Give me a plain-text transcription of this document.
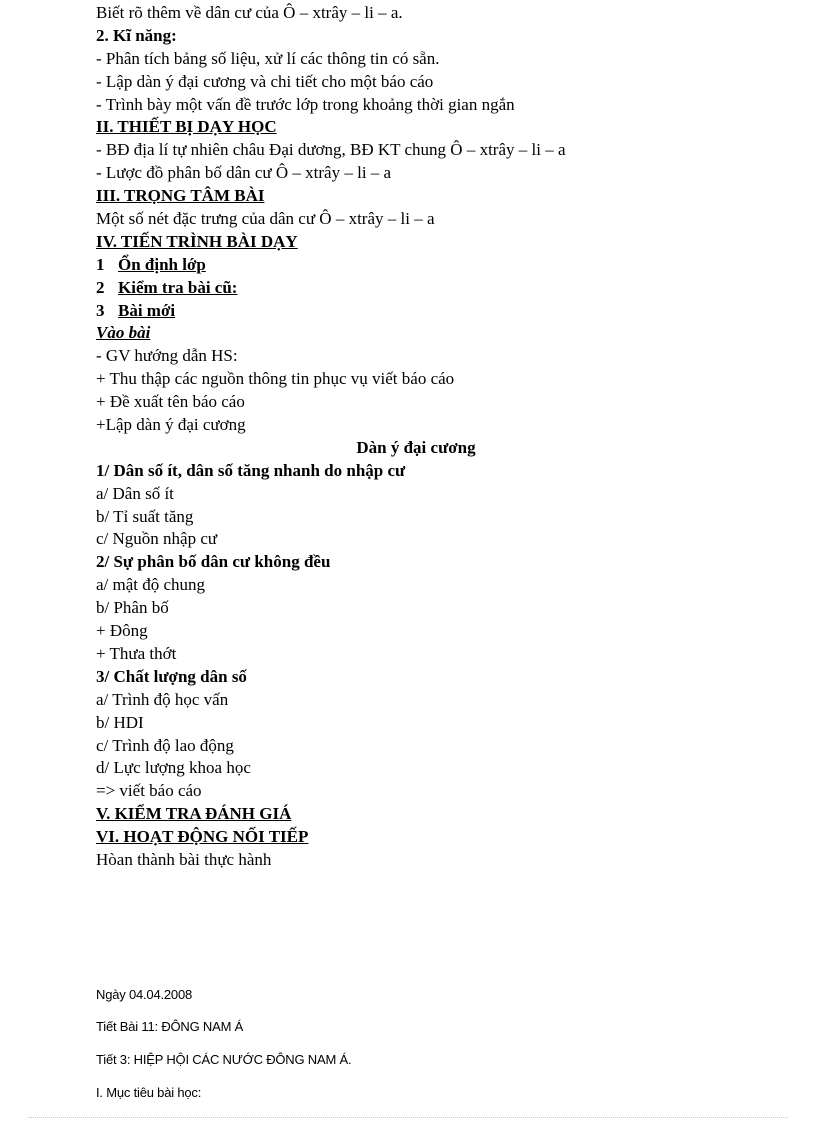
Biết rõ thêm về dân cư của Ô – xtrây – li – a.
2. Kĩ năng:
- Phân tích bảng số liệu, xử lí các thông tin có sẵn.
- Lập dàn ý đại cương và chi tiết cho một báo cáo
- Trình bày một vấn đề trước lớp trong khoảng thời gian ngắn
II. THIẾT BỊ DẠY HỌC
- BĐ địa lí tự nhiên châu Đại dương, BĐ KT chung Ô – xtrây – li – a
- Lược đồ phân bố dân cư Ô – xtrây – li – a
III. TRỌNG TÂM BÀI
Một số nét đặc trưng của dân cư Ô – xtrây – li – a
IV. TIẾN TRÌNH BÀI DẠY
1 Ổn định lớp
2 Kiểm tra bài cũ:
3 Bài mới
Vào bài
- GV hướng dẫn HS:
+ Thu thập các nguồn thông tin phục vụ viết báo cáo
+ Đề xuất tên báo cáo
+Lập dàn ý đại cương
Dàn ý đại cương
1/ Dân số ít, dân số tăng nhanh do nhập cư
a/ Dân số ít
b/ Tỉ suất tăng
c/ Nguồn nhập cư
2/ Sự phân bố dân cư không đều
a/ mật độ chung
b/ Phân bố
+ Đông
+ Thưa thớt
3/ Chất lượng dân số
a/ Trình độ học vấn
b/ HDI
c/ Trình độ lao động
d/ Lực lượng khoa học
=> viết báo cáo
V. KIỂM TRA ĐÁNH GIÁ
VI. HOẠT ĐỘNG NỐI TIẾP
Hòan thành bài thực hành
Ngày 04.04.2008
Tiết Bài 11: ĐÔNG NAM Á
Tiết 3: HIỆP HỘI CÁC NƯỚC ĐÔNG NAM Á.
I. Mục tiêu bài học:
